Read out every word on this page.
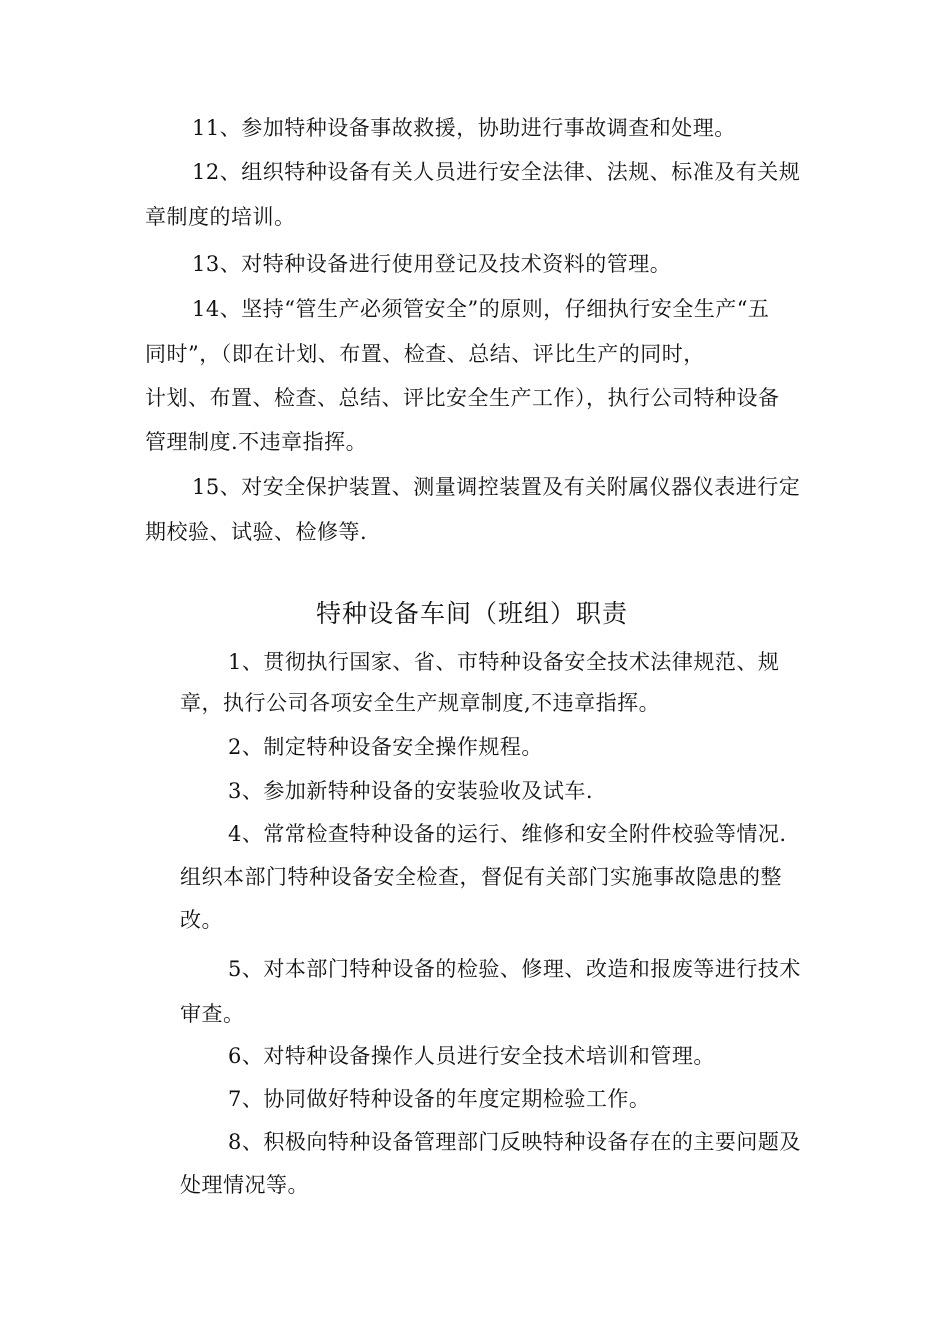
11、参加特种设备事故救援，协助进行事故调查和处理。
12、组织特种设备有关人员进行安全法律、法规、标准及有关规
章制度的培训。
13、对特种设备进行使用登记及技术资料的管理。
14、坚持“管生产必须管安全”的原则，仔细执行安全生产“五
同时”，（即在计划、布置、检查、总结、评比生产的同时，
计划、布置、检查、总结、评比安全生产工作），执行公司特种设备
管理制度.不违章指挥。
15、对安全保护装置、测量调控装置及有关附属仪器仪表进行定
期校验、试验、检修等.
特种设备车间（班组）职责
1、贯彻执行国家、省、市特种设备安全技术法律规范、规
章，执行公司各项安全生产规章制度,不违章指挥。
2、制定特种设备安全操作规程。
3、参加新特种设备的安装验收及试车.
4、常常检查特种设备的运行、维修和安全附件校验等情况.
组织本部门特种设备安全检查，督促有关部门实施事故隐患的整
改。
5、对本部门特种设备的检验、修理、改造和报废等进行技术
审查。
6、对特种设备操作人员进行安全技术培训和管理。
7、协同做好特种设备的年度定期检验工作。
8、积极向特种设备管理部门反映特种设备存在的主要问题及
处理情况等。
